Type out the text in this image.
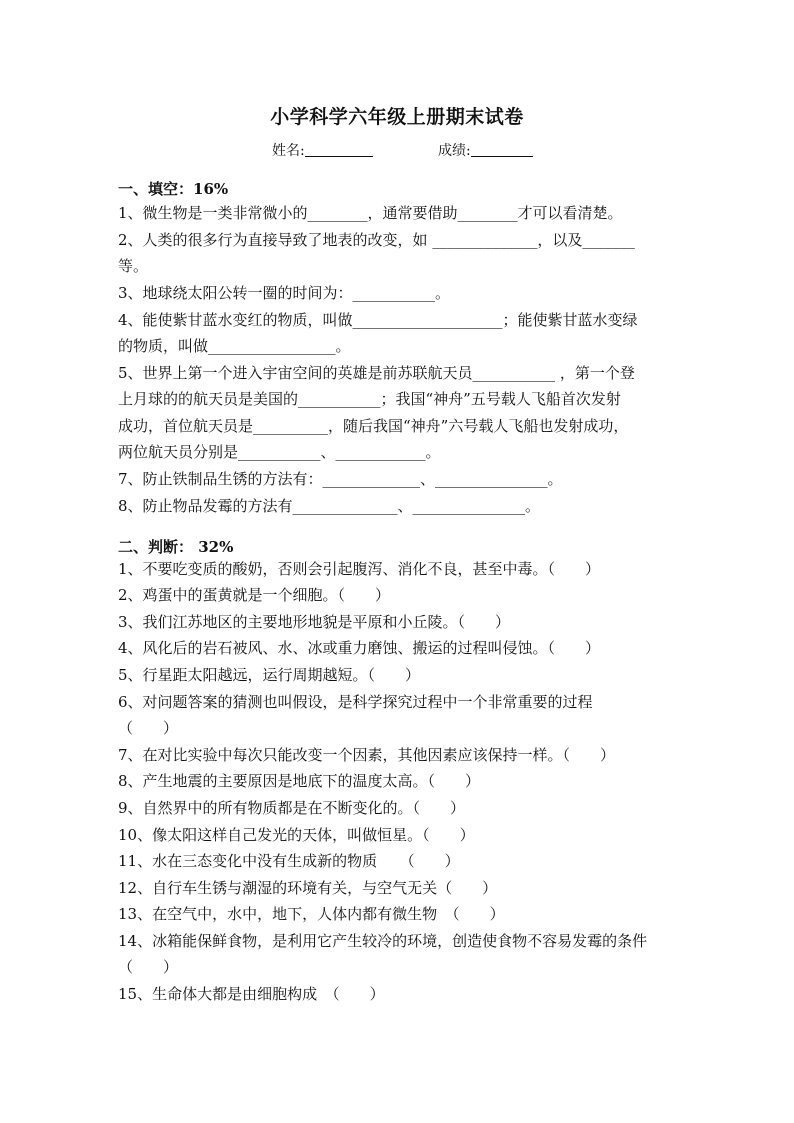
小学科学六年级上册期末试卷
姓名:	成绩:
一、填空：16%
1、微生物是一类非常微小的________，通常要借助________才可以看清楚。
2、人类的很多行为直接导致了地表的改变，如 ______________，以及_______
等。
3、地球绕太阳公转一圈的时间为：___________。
4、能使紫甘蓝水变红的物质，叫做____________________；能使紫甘蓝水变绿
的物质，叫做_________________。
5、世界上第一个进入宇宙空间的英雄是前苏联航天员___________ ，第一个登
上月球的的航天员是美国的___________；我国“神舟”五号载人飞船首次发射
成功，首位航天员是__________，随后我国“神舟”六号载人飞船也发射成功，
两位航天员分别是___________、____________。
7、防止铁制品生锈的方法有：_____________、_______________。
8、防止物品发霉的方法有______________、_______________。
二、判断： 32%
1、不要吃变质的酸奶，否则会引起腹泻、消化不良，甚至中毒。（　　）
2、鸡蛋中的蛋黄就是一个细胞。（　　）
3、我们江苏地区的主要地形地貌是平原和小丘陵。（　　）
4、风化后的岩石被风、水、冰或重力磨蚀、搬运的过程叫侵蚀。（　　）
5、行星距太阳越远，运行周期越短。（　　）
6、对问题答案的猜测也叫假设，是科学探究过程中一个非常重要的过程
（　　）
7、在对比实验中每次只能改变一个因素，其他因素应该保持一样。（　　）
8、产生地震的主要原因是地底下的温度太高。（　　）
9、自然界中的所有物质都是在不断变化的。（　　）
10、像太阳这样自己发光的天体，叫做恒星。（　　）
11、水在三态变化中没有生成新的物质　　（　　）
12、自行车生锈与潮湿的环境有关，与空气无关（　　）
13、在空气中，水中，地下，人体内都有微生物　（　　）
14、冰箱能保鲜食物，是利用它产生较冷的环境，创造使食物不容易发霉的条件
（　　）
15、生命体大都是由细胞构成　（　　）
